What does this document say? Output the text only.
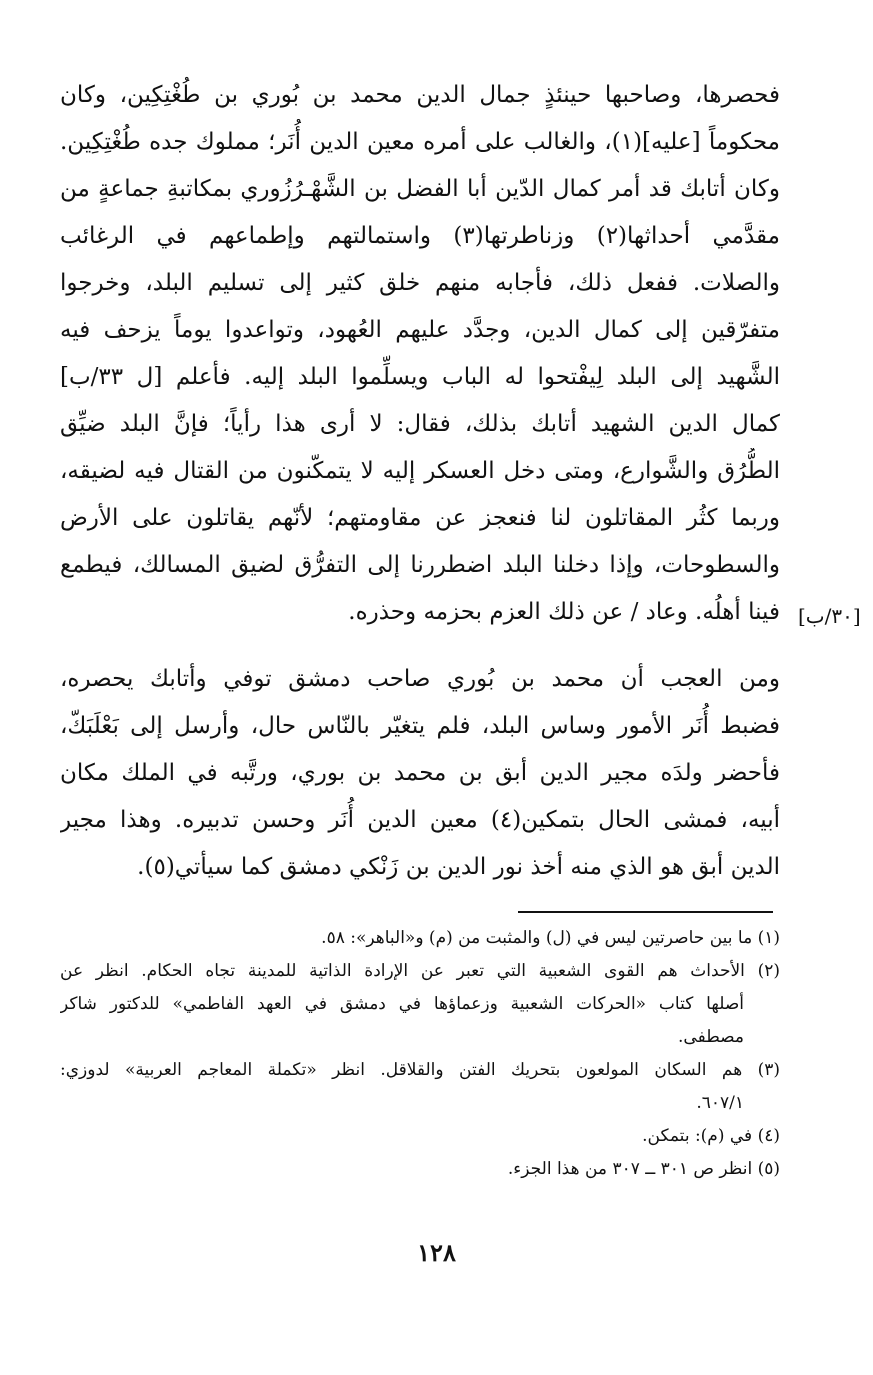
فحصرها، وصاحبها حينئذٍ جمال الدين محمد بن بُوري بن طُغْتِكِين، وكان
محكوماً [عليه](١)، والغالب على أمره معين الدين أُنَر؛ مملوك جده طُغْتِكِين.
وكان أتابك قد أمر كمال الدّين أبا الفضل بن الشَّهْـرُزُوري بمكاتبةِ جماعةٍ من
مقدَّمي أحداثها(٢) وزناطرتها(٣) واستمالتهم وإطماعهم في الرغائب
والصلات. ففعل ذلك، فأجابه منهم خلق كثير إلى تسليم البلد، وخرجوا
متفرّقين إلى كمال الدين، وجدَّد عليهم العُهود، وتواعدوا يوماً يزحف فيه
الشَّهيد إلى البلد لِيفْتحوا له الباب ويسلِّموا البلد إليه. فأعلم [ل ٣٣/ب]
كمال الدين الشهيد أتابك بذلك، فقال: لا أرى هذا رأياً؛ فإنَّ البلد ضيِّق
الطُّرُق والشَّوارع، ومتى دخل العسكر إليه لا يتمكّنون من القتال فيه لضيقه،
وربما كثُر المقاتلون لنا فنعجز عن مقاومتهم؛ لأنّهم يقاتلون على الأرض
والسطوحات، وإذا دخلنا البلد اضطررنا إلى التفرُّق لضيق المسالك، فيطمع
فينا أهلُه. وعاد / عن ذلك العزم بحزمه وحذره. [٣٠/ب]
ومن العجب أن محمد بن بُوري صاحب دمشق توفي وأتابك يحصره،
فضبط أُنَر الأمور وساس البلد، فلم يتغيّر بالنّاس حال، وأرسل إلى بَعْلَبَكّ،
فأحضر ولدَه مجير الدين أبق بن محمد بن بوري، ورتَّبه في الملك مكان
أبيه، فمشى الحال بتمكين(٤) معين الدين أُنَر وحسن تدبيره. وهذا مجير
الدين أبق هو الذي منه أخذ نور الدين بن زَنْكي دمشق كما سيأتي(٥).
(١) ما بين حاصرتين ليس في (ل) والمثبت من (م) و«الباهر»: ٥٨.
(٢) الأحداث هم القوى الشعبية التي تعبر عن الإرادة الذاتية للمدينة تجاه الحكام. انظر عن
أصلها كتاب «الحركات الشعبية وزعماؤها في دمشق في العهد الفاطمي» للدكتور شاكر
مصطفى.
(٣) هم السكان المولعون بتحريك الفتن والقلاقل. انظر «تكملة المعاجم العربية» لدوزي:
٦٠٧/١.
(٤) في (م): بتمكن.
(٥) انظر ص ٣٠١ ــ ٣٠٧ من هذا الجزء.
١٢٨
